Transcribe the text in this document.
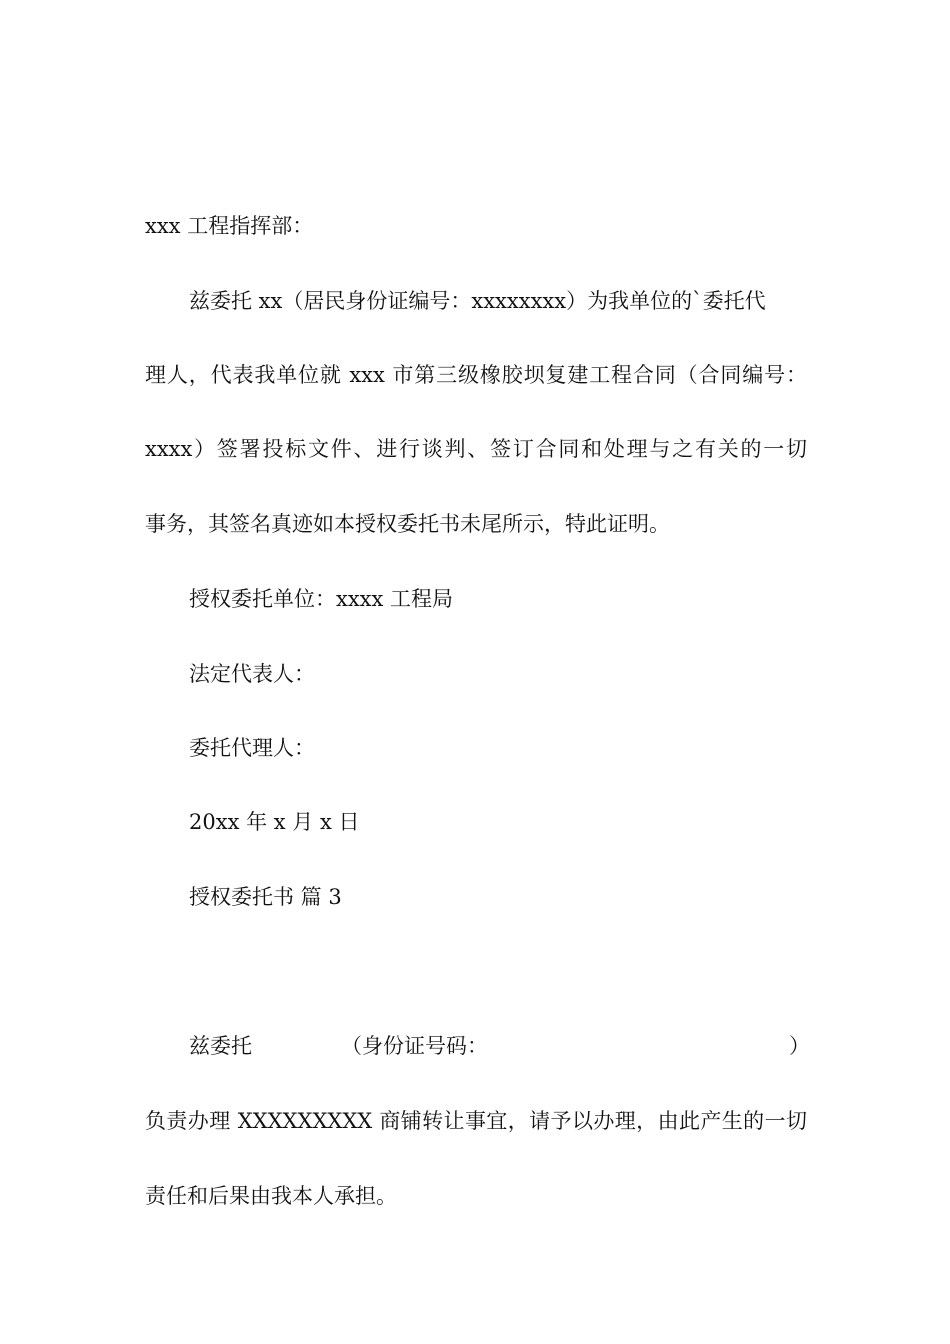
xxx 工程指挥部：
兹委托 xx（居民身份证编号：xxxxxxxx）为我单位的`委托代
理人，代表我单位就 xxx 市第三级橡胶坝复建工程合同（合同编号：
xxxx）签署投标文件、进行谈判、签订合同和处理与之有关的一切
事务，其签名真迹如本授权委托书未尾所示，特此证明。
授权委托单位：xxxx 工程局
法定代表人：
委托代理人：
20xx 年 x 月 x 日
授权委托书 篇 3
兹委托	（身份证号码：	）
负责办理 XXXXXXXXX 商铺转让事宜，请予以办理，由此产生的一切
责任和后果由我本人承担。
